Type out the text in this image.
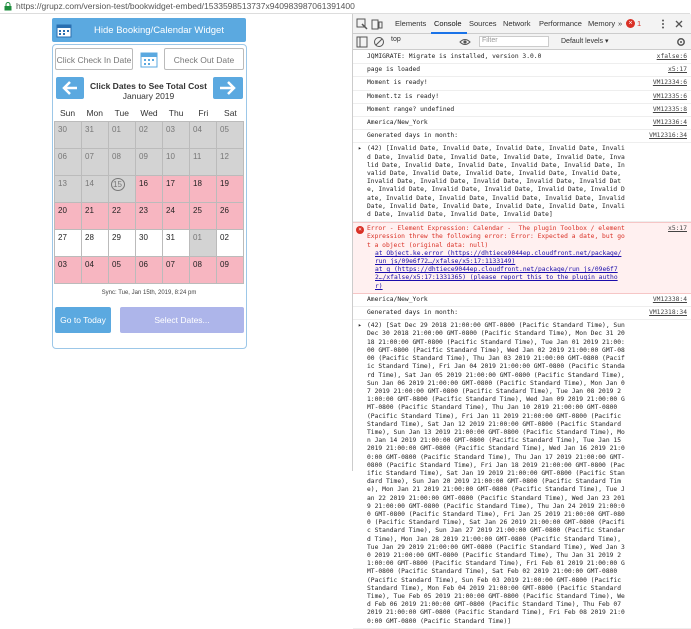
https://grupz.com/version-test/bookwidget-embed/1533598513737x940983987061391400
Hide Booking/Calendar Widget
Click Check In Date	Check Out Date
Click Dates to See Total Cost
January 2019
Sun	Mon	Tue	Wed	Thu	Fri	Sat
30	31	01	02	03	04	05
06	07	08	09	10	11	12
13	14	15	16	17	18	19
20	21	22	23	24	25	26
27	28	29	30	31	01	02
03	04	05	06	07	08	09
Sync: Tue, Jan 15th, 2019, 8:24 pm
Go to Today	Select Dates...
Elements Console Sources Network Performance Memory » × 1
top	Filter	Default levels ▾
xfalse:6
JQMIGRATE: Migrate is installed, version 3.0.0
x5:17
page is loaded
VM12334:6
Moment is ready!
VM12335:6
Moment.tz is ready!
VM12335:8
Moment range? undefined
VM12336:4
America/New_York
VM12316:34
Generated days in month:
▸ (42) [Invalid Date, Invalid Date, Invalid Date, Invalid Date, Invalid Date, Invalid Date, Invalid Date, Invalid Date, Invalid Date, Invalid Date, Invalid Date, Invalid Date, Invalid Date, Invalid Date, Invalid Date, Invalid Date, Invalid Date, Invalid Date, Invalid Date, Invalid Date, Invalid Date, Invalid Date, Invalid Date, Invalid Date, Invalid Date, Invalid Date, Invalid Date, Invalid Date, Invalid Date, Invalid Date, Invalid Date, Invalid Date, Invalid Date, Invalid Date, Invalid Date, Invalid Date, Invalid Date, Invalid Date, Invalid Date, Invalid Date, Invalid Date, Invalid Date]
×	x5:17
Error - Element Expression: Calendar -  The plugin Toolbox / element Expression threw the following error: Error: Expected a date, but got a object (original data: null)
at Object.ke.error (https://dhtiece9044ep.cloudfront.net/package/run_js/09e6f72…/xfalse/x5:17:1133149)
at g (https://dhtiece9044ep.cloudfront.net/package/run_js/09e6f72…/xfalse/x5:17:1331365) (please report this to the plugin author)
VM12338:4
America/New_York
VM12318:34
Generated days in month:
▸ (42) [Sat Dec 29 2018 21:00:00 GMT-0800 (Pacific Standard Time), Sun Dec 30 2018 21:00:00 GMT-0800 (Pacific Standard Time), Mon Dec 31 2018 21:00:00 GMT-0800 (Pacific Standard Time), Tue Jan 01 2019 21:00:00 GMT-0800 (Pacific Standard Time), Wed Jan 02 2019 21:00:00 GMT-0800 (Pacific Standard Time), Thu Jan 03 2019 21:00:00 GMT-0800 (Pacific Standard Time), Fri Jan 04 2019 21:00:00 GMT-0800 (Pacific Standard Time), Sat Jan 05 2019 21:00:00 GMT-0800 (Pacific Standard Time), Sun Jan 06 2019 21:00:00 GMT-0800 (Pacific Standard Time), Mon Jan 07 2019 21:00:00 GMT-0800 (Pacific Standard Time), Tue Jan 08 2019 21:00:00 GMT-0800 (Pacific Standard Time), Wed Jan 09 2019 21:00:00 GMT-0800 (Pacific Standard Time), Thu Jan 10 2019 21:00:00 GMT-0800 (Pacific Standard Time), Fri Jan 11 2019 21:00:00 GMT-0800 (Pacific Standard Time), Sat Jan 12 2019 21:00:00 GMT-0800 (Pacific Standard Time), Sun Jan 13 2019 21:00:00 GMT-0800 (Pacific Standard Time), Mon Jan 14 2019 21:00:00 GMT-0800 (Pacific Standard Time), Tue Jan 15 2019 21:00:00 GMT-0800 (Pacific Standard Time), Wed Jan 16 2019 21:00:00 GMT-0800 (Pacific Standard Time), Thu Jan 17 2019 21:00:00 GMT-0800 (Pacific Standard Time), Fri Jan 18 2019 21:00:00 GMT-0800 (Pacific Standard Time), Sat Jan 19 2019 21:00:00 GMT-0800 (Pacific Standard Time), Sun Jan 20 2019 21:00:00 GMT-0800 (Pacific Standard Time), Mon Jan 21 2019 21:00:00 GMT-0800 (Pacific Standard Time), Tue Jan 22 2019 21:00:00 GMT-0800 (Pacific Standard Time), Wed Jan 23 2019 21:00:00 GMT-0800 (Pacific Standard Time), Thu Jan 24 2019 21:00:00 GMT-0800 (Pacific Standard Time), Fri Jan 25 2019 21:00:00 GMT-0800 (Pacific Standard Time), Sat Jan 26 2019 21:00:00 GMT-0800 (Pacific Standard Time), Sun Jan 27 2019 21:00:00 GMT-0800 (Pacific Standard Time), Mon Jan 28 2019 21:00:00 GMT-0800 (Pacific Standard Time), Tue Jan 29 2019 21:00:00 GMT-0800 (Pacific Standard Time), Wed Jan 30 2019 21:00:00 GMT-0800 (Pacific Standard Time), Thu Jan 31 2019 21:00:00 GMT-0800 (Pacific Standard Time), Fri Feb 01 2019 21:00:00 GMT-0800 (Pacific Standard Time), Sat Feb 02 2019 21:00:00 GMT-0800 (Pacific Standard Time), Sun Feb 03 2019 21:00:00 GMT-0800 (Pacific Standard Time), Mon Feb 04 2019 21:00:00 GMT-0800 (Pacific Standard Time), Tue Feb 05 2019 21:00:00 GMT-0800 (Pacific Standard Time), Wed Feb 06 2019 21:00:00 GMT-0800 (Pacific Standard Time), Thu Feb 07 2019 21:00:00 GMT-0800 (Pacific Standard Time), Fri Feb 08 2019 21:00:00 GMT-0800 (Pacific Standard Time)]
